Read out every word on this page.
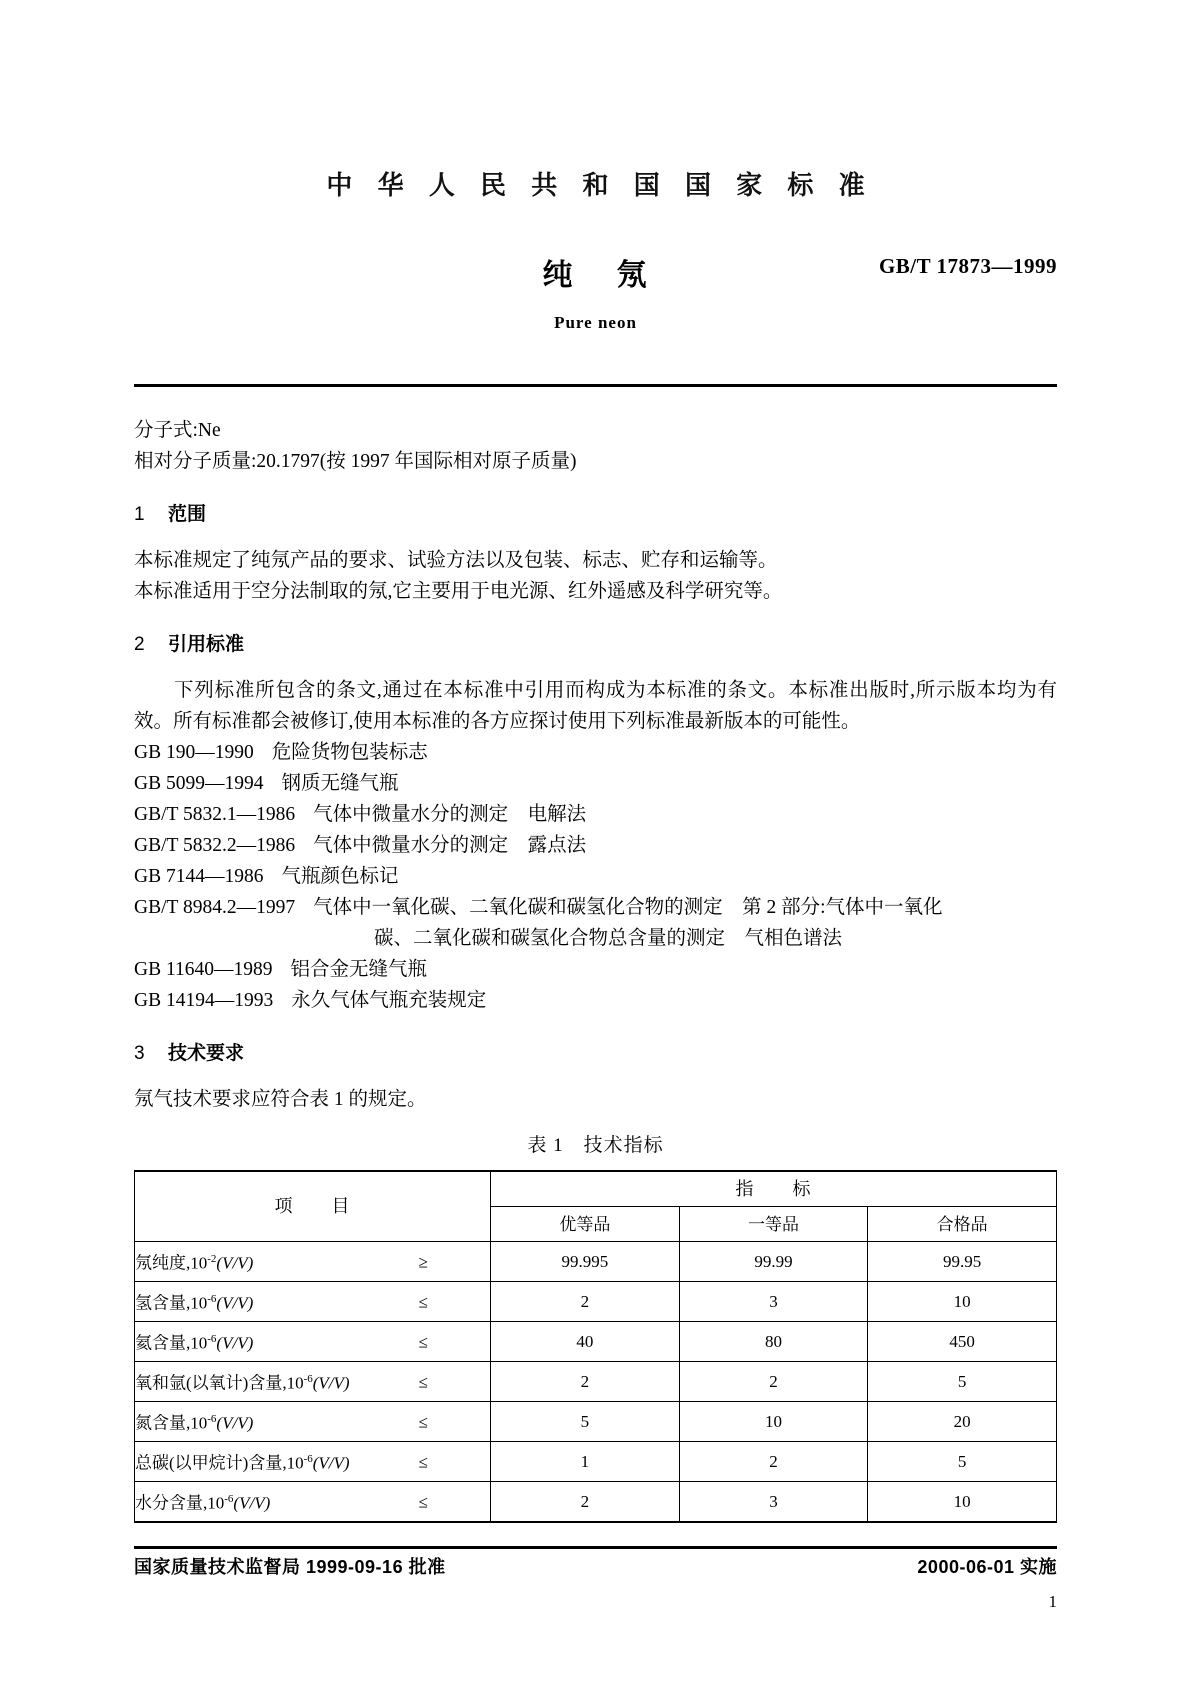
中 华 人 民 共 和 国 国 家 标 准
纯 氖	GB/T 17873—1999
Pure neon

分子式:Ne

相对分子质量:20.1797(按 1997 年国际相对原子质量)

1 范围

本标准规定了纯氖产品的要求、试验方法以及包装、标志、贮存和运输等。

本标准适用于空分法制取的氖,它主要用于电光源、红外遥感及科学研究等。

2 引用标准

下列标准所包含的条文,通过在本标准中引用而构成为本标准的条文。本标准出版时,所示版本均为有效。所有标准都会被修订,使用本标准的各方应探讨使用下列标准最新版本的可能性。

GB 190—1990 危险货物包装标志

GB 5099—1994 钢质无缝气瓶

GB/T 5832.1—1986 气体中微量水分的测定　电解法

GB/T 5832.2—1986 气体中微量水分的测定　露点法

GB 7144—1986 气瓶颜色标记

GB/T 8984.2—1997 气体中一氧化碳、二氧化碳和碳氢化合物的测定　第 2 部分:气体中一氧化

碳、二氧化碳和碳氢化合物总含量的测定　气相色谱法

GB 11640—1989 铝合金无缝气瓶

GB 14194—1993 永久气体气瓶充装规定

3 技术要求

氖气技术要求应符合表 1 的规定。

表 1　技术指标

项　　目	指　　标		
	优等品	一等品	合格品
氖纯度$,10^{-2}(V/V)$ ≥	99.995	99.99	99.95
氢含量$,10^{-6}(V/V)$ ≤	2	3	10
氦含量$,10^{-6}(V/V)$ ≤	40	80	450
氧和氩(以氧计)含量$,10^{-6}(V/V)$ ≤	2	2	5
氮含量$,10^{-6}(V/V)$ ≤	5	10	20
总碳(以甲烷计)含量$,10^{-6}(V/V)$ ≤	1	2	5
水分含量$,10^{-6}(V/V)$ ≤	2	3	10
国家质量技术监督局 1999-09-16 批准	2000-06-01 实施
1
